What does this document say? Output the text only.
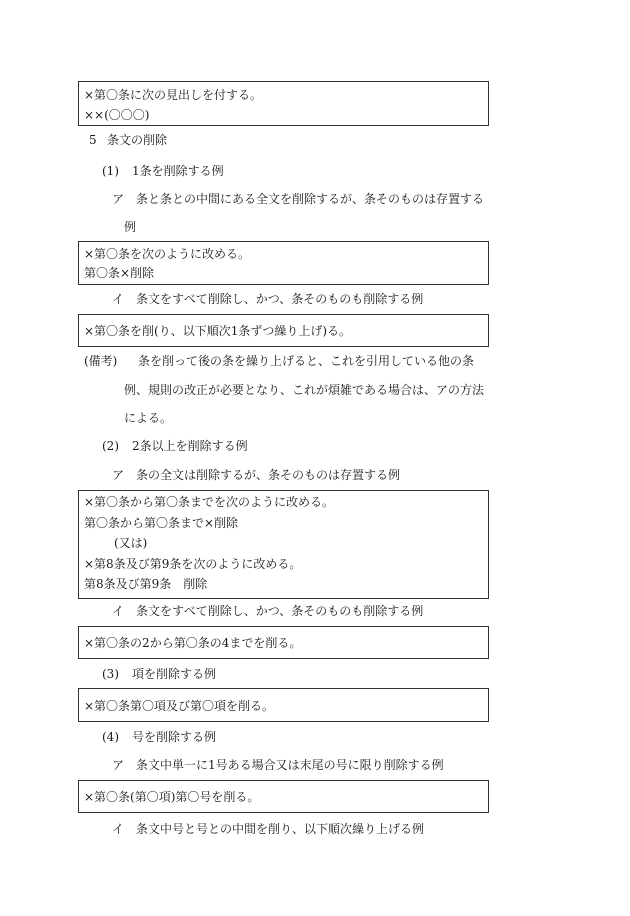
×第〇条に次の見出しを付する。
××(〇〇〇)
5 条文の削除
(1) 1条を削除する例
ア 条と条との中間にある全文を削除するが、条そのものは存置する
例
×第〇条を次のように改める。
第〇条×削除
イ 条文をすべて削除し、かつ、条そのものも削除する例
×第〇条を削(り、以下順次1条ずつ繰り上げ)る。
(備考) 条を削って後の条を繰り上げると、これを引用している他の条
例、規則の改正が必要となり、これが煩雑である場合は、アの方法
による。
(2) 2条以上を削除する例
ア 条の全文は削除するが、条そのものは存置する例
×第〇条から第〇条までを次のように改める。
第〇条から第〇条まで×削除
(又は)
×第8条及び第9条を次のように改める。
第8条及び第9条　削除
イ 条文をすべて削除し、かつ、条そのものも削除する例
×第〇条の2から第〇条の4までを削る。
(3) 項を削除する例
×第〇条第〇項及び第〇項を削る。
(4) 号を削除する例
ア 条文中単一に1号ある場合又は末尾の号に限り削除する例
×第〇条(第〇項)第〇号を削る。
イ 条文中号と号との中間を削り、以下順次繰り上げる例
